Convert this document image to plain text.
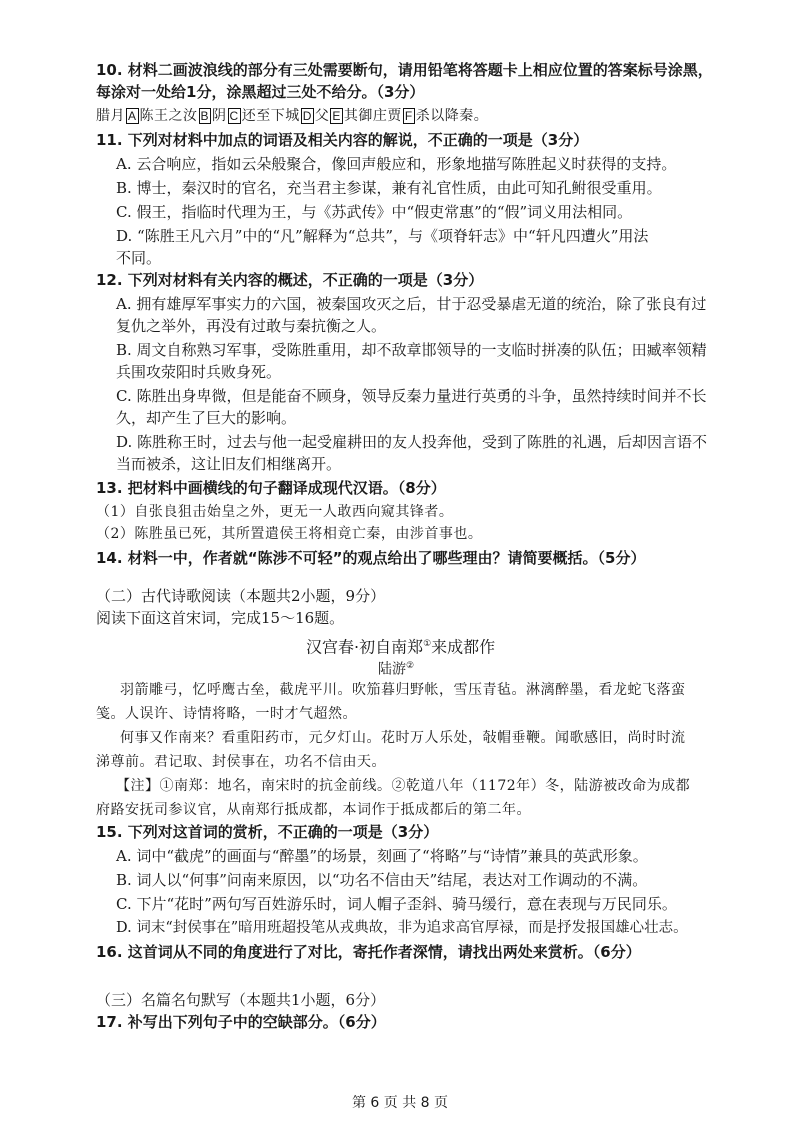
10. 材料二画波浪线的部分有三处需要断句，请用铅笔将答题卡上相应位置的答案标号涂黑，
每涂对一处给1分，涂黑超过三处不给分。（3分）
腊月 A 陈王之汝 B 阴 C 还至下城 D 父 E 其御庄贾 F 杀以降秦。
11. 下列对材料中加点的词语及相关内容的解说，不正确的一项是（3分）
A. 云合响应，指如云朵般聚合，像回声般应和，形象地描写陈胜起义时获得的支持。
B. 博士，秦汉时的官名，充当君主参谋，兼有礼官性质，由此可知孔鲋很受重用。
C. 假王，指临时代理为王，与《苏武传》中“假吏常惠”的“假”词义用法相同。
D. “陈胜王凡六月”中的“凡”解释为“总共”，与《项脊轩志》中“轩凡四遭火”用法
不同。
12. 下列对材料有关内容的概述，不正确的一项是（3分）
A. 拥有雄厚军事实力的六国，被秦国攻灭之后，甘于忍受暴虐无道的统治，除了张良有过
复仇之举外，再没有过敢与秦抗衡之人。
B. 周文自称熟习军事，受陈胜重用，却不敌章邯领导的一支临时拼凑的队伍；田臧率领精
兵围攻荥阳时兵败身死。
C. 陈胜出身卑微，但是能奋不顾身，领导反秦力量进行英勇的斗争，虽然持续时间并不长
久，却产生了巨大的影响。
D. 陈胜称王时，过去与他一起受雇耕田的友人投奔他，受到了陈胜的礼遇，后却因言语不
当而被杀，这让旧友们相继离开。
13. 把材料中画横线的句子翻译成现代汉语。（8分）
（1）自张良狙击始皇之外，更无一人敢西向窥其锋者。
（2）陈胜虽已死，其所置遣侯王将相竟亡秦，由涉首事也。
14. 材料一中，作者就“陈涉不可轻”的观点给出了哪些理由？请简要概括。（5分）
（二）古代诗歌阅读（本题共2小题，9分）
阅读下面这首宋词，完成15～16题。
汉宫春·初自南郑①来成都作
陆游②
羽箭雕弓，忆呼鹰古垒，截虎平川。吹笳暮归野帐，雪压青毡。淋漓醉墨，看龙蛇飞落蛮
笺。人误许、诗情将略，一时才气超然。
何事又作南来？看重阳药市，元夕灯山。花时万人乐处，敧帽垂鞭。闻歌感旧，尚时时流
涕尊前。君记取、封侯事在，功名不信由天。
【注】①南郑：地名，南宋时的抗金前线。②乾道八年（1172年）冬，陆游被改命为成都
府路安抚司参议官，从南郑行抵成都，本词作于抵成都后的第二年。
15. 下列对这首词的赏析，不正确的一项是（3分）
A. 词中“截虎”的画面与“醉墨”的场景，刻画了“将略”与“诗情”兼具的英武形象。
B. 词人以“何事”问南来原因，以“功名不信由天”结尾，表达对工作调动的不满。
C. 下片“花时”两句写百姓游乐时，词人帽子歪斜、骑马缓行，意在表现与万民同乐。
D. 词末“封侯事在”暗用班超投笔从戎典故，非为追求高官厚禄，而是抒发报国雄心壮志。
16. 这首词从不同的角度进行了对比，寄托作者深情，请找出两处来赏析。（6分）
（三）名篇名句默写（本题共1小题，6分）
17. 补写出下列句子中的空缺部分。（6分）
第 6 页 共 8 页
